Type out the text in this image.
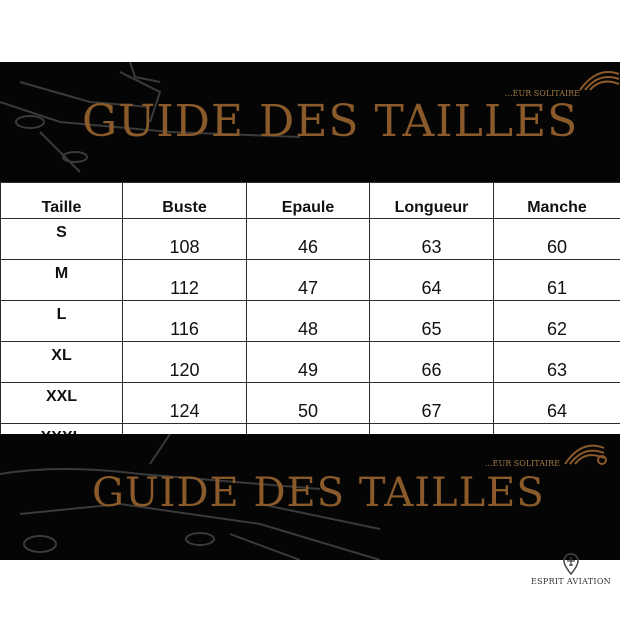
...EUR SOLITAIRE
GUIDE DES TAILLES
Taille	Buste	Epaule	Longueur	Manche
S	108	46	63	60
M	112	47	64	61
L	116	48	65	62
XL	120	49	66	63
XXL	124	50	67	64

...EUR SOLITAIRE
GUIDE DES TAILLES
ESPRIT AVIATION
